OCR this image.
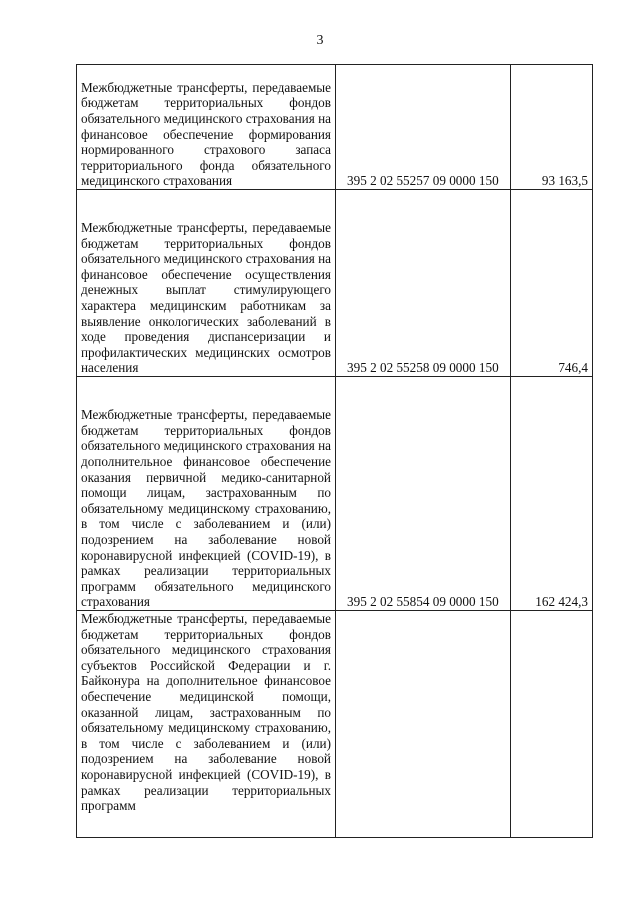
3
Межбюджетные трансферты, передаваемые бюджетам территориальных фондов обязательного медицинского страхования на финансовое обеспечение формирования нормированного страхового запаса территориального фонда обязательного медицинского страхования	395 2 02 55257 09 0000 150	93 163,5
Межбюджетные трансферты, передаваемые бюджетам территориальных фондов обязательного медицинского страхования на финансовое обеспечение осуществления денежных выплат стимулирующего характера медицинским работникам за выявление онкологических заболеваний в ходе проведения диспансеризации и профилактических медицинских осмотров населения	395 2 02 55258 09 0000 150	746,4
Межбюджетные трансферты, передаваемые бюджетам территориальных фондов обязательного медицинского страхования на дополнительное финансовое обеспечение оказания первичной медико-санитарной помощи лицам, застрахованным по обязательному медицинскому страхованию, в том числе с заболеванием и (или) подозрением на заболевание новой коронавирусной инфекцией (COVID-19), в рамках реализации территориальных программ обязательного медицинского страхования	395 2 02 55854 09 0000 150	162 424,3
Межбюджетные трансферты, передаваемые бюджетам территориальных фондов обязательного медицинского страхования субъектов Российской Федерации и г. Байконура на дополнительное финансовое обеспечение медицинской помощи, оказанной лицам, застрахованным по обязательному медицинскому страхованию, в том числе с заболеванием и (или) подозрением на заболевание новой коронавирусной инфекцией (COVID-19), в рамках реализации территориальных программ		
